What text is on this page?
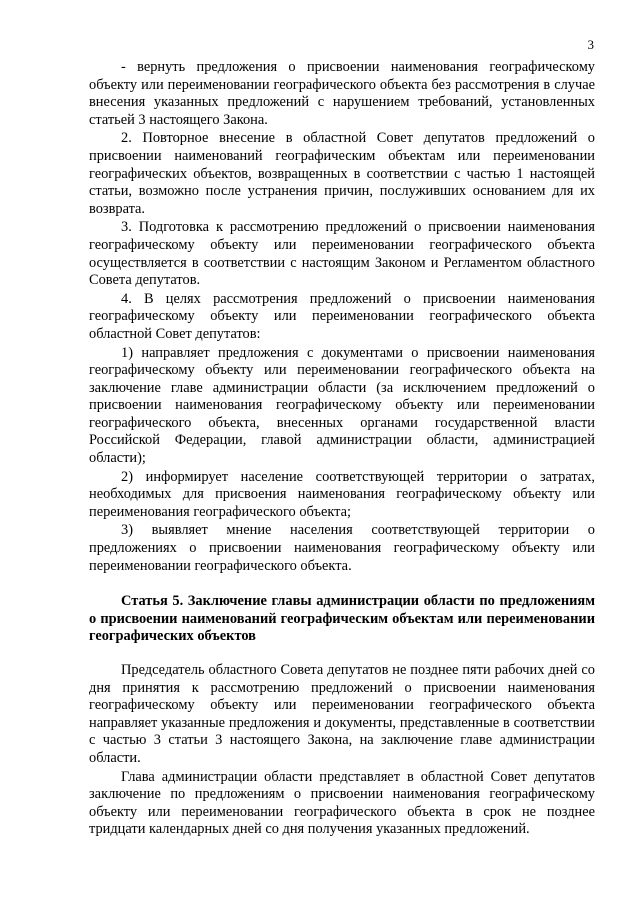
3

- вернуть предложения о присвоении наименования географическому объекту или переименовании географического объекта без рассмотрения в случае внесения указанных предложений с нарушением требований, установленных статьей 3 настоящего Закона.

2. Повторное внесение в областной Совет депутатов предложений о присвоении наименований географическим объектам или переименовании географических объектов, возвращенных в соответствии с частью 1 настоящей статьи, возможно после устранения причин, послуживших основанием для их возврата.

3. Подготовка к рассмотрению предложений о присвоении наименования географическому объекту или переименовании географического объекта осуществляется в соответствии с настоящим Законом и Регламентом областного Совета депутатов.

4. В целях рассмотрения предложений о присвоении наименования географическому объекту или переименовании географического объекта областной Совет депутатов:

1) направляет предложения с документами о присвоении наименования географическому объекту или переименовании географического объекта на заключение главе администрации области (за исключением предложений о присвоении наименования географическому объекту или переименовании географического объекта, внесенных органами государственной власти Российской Федерации, главой администрации области, администрацией области);

2) информирует население соответствующей территории о затратах, необходимых для присвоения наименования географическому объекту или переименования географического объекта;

3) выявляет мнение населения соответствующей территории о предложениях о присвоении наименования географическому объекту или переименовании географического объекта.

Статья 5. Заключение главы администрации области по предложениям о присвоении наименований географическим объектам или переименовании географических объектов

Председатель областного Совета депутатов не позднее пяти рабочих дней со дня принятия к рассмотрению предложений о присвоении наименования географическому объекту или переименовании географического объекта направляет указанные предложения и документы, представленные в соответствии с частью 3 статьи 3 настоящего Закона, на заключение главе администрации области.

Глава администрации области представляет в областной Совет депутатов заключение по предложениям о присвоении наименования географическому объекту или переименовании географического объекта в срок не позднее тридцати календарных дней со дня получения указанных предложений.
